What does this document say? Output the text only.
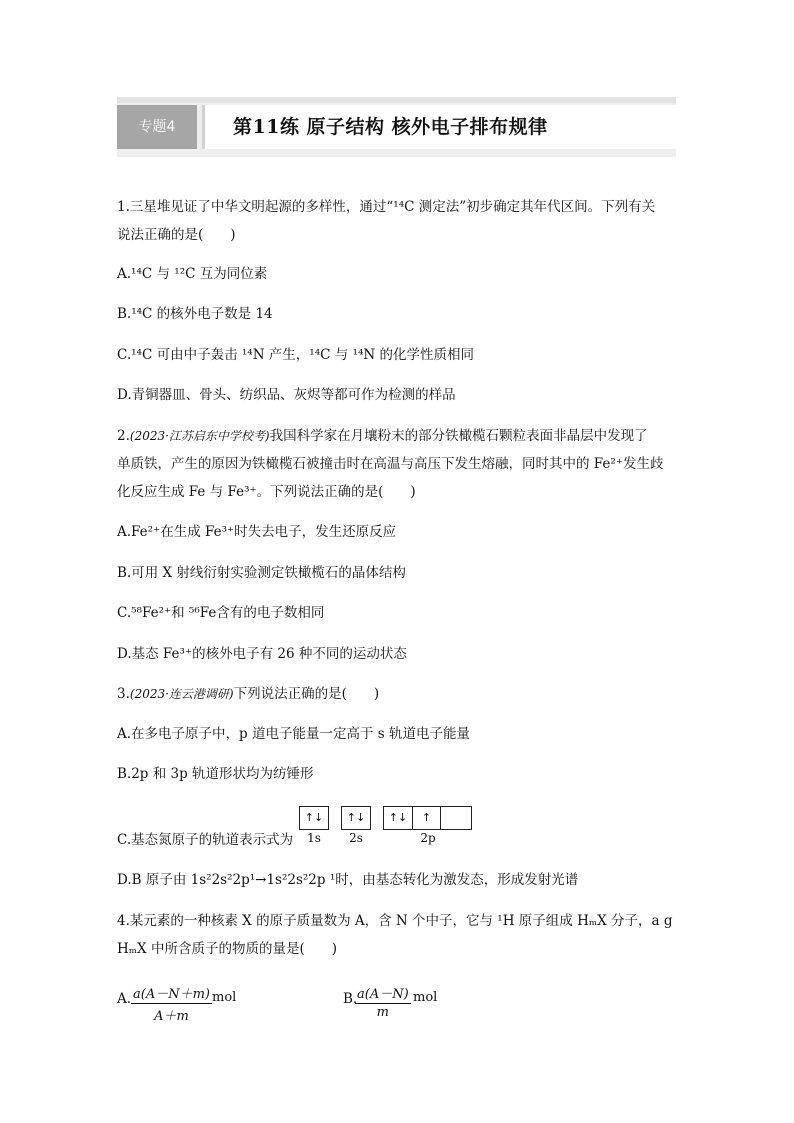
专题4	第11练 原子结构 核外电子排布规律
1.三星堆见证了中华文明起源的多样性，通过“¹⁴C 测定法”初步确定其年代区间。下列有关
说法正确的是(　　)
A.¹⁴C 与 ¹²C 互为同位素
B.¹⁴C 的核外电子数是 14
C.¹⁴C 可由中子轰击 ¹⁴N 产生，¹⁴C 与 ¹⁴N 的化学性质相同
D.青铜器皿、骨头、纺织品、灰烬等都可作为检测的样品
2.(2023·江苏启东中学校考)我国科学家在月壤粉末的部分铁橄榄石颗粒表面非晶层中发现了
单质铁，产生的原因为铁橄榄石被撞击时在高温与高压下发生熔融，同时其中的 Fe²⁺发生歧
化反应生成 Fe 与 Fe³⁺。下列说法正确的是(　　)
A.Fe²⁺在生成 Fe³⁺时失去电子，发生还原反应
B.可用 X 射线衍射实验测定铁橄榄石的晶体结构
C.⁵⁸Fe²⁺和 ⁵⁶Fe含有的电子数相同
D.基态 Fe³⁺的核外电子有 26 种不同的运动状态
3.(2023·连云港调研)下列说法正确的是(　　)
A.在多电子原子中，p 道电子能量一定高于 s 轨道电子能量
B.2p 和 3p 轨道形状均为纺锤形
C.基态氮原子的轨道表示式为
↑↓	↑↓	↑↓	↑
1s 2s	2p
D.B 原子由 1s²2s²2p¹→1s²2s²2p ¹时，由基态转化为激发态，形成发射光谱
4.某元素的一种核素 X 的原子质量数为 A，含 N 个中子，它与 ¹H 原子组成 HₘX 分子，a g
HₘX 中所含质子的物质的量是(　　)
A. $\frac{a(A-N+m)}{A+m}$ mol	B.
$\frac{a(A-N)}{m}$ mol
